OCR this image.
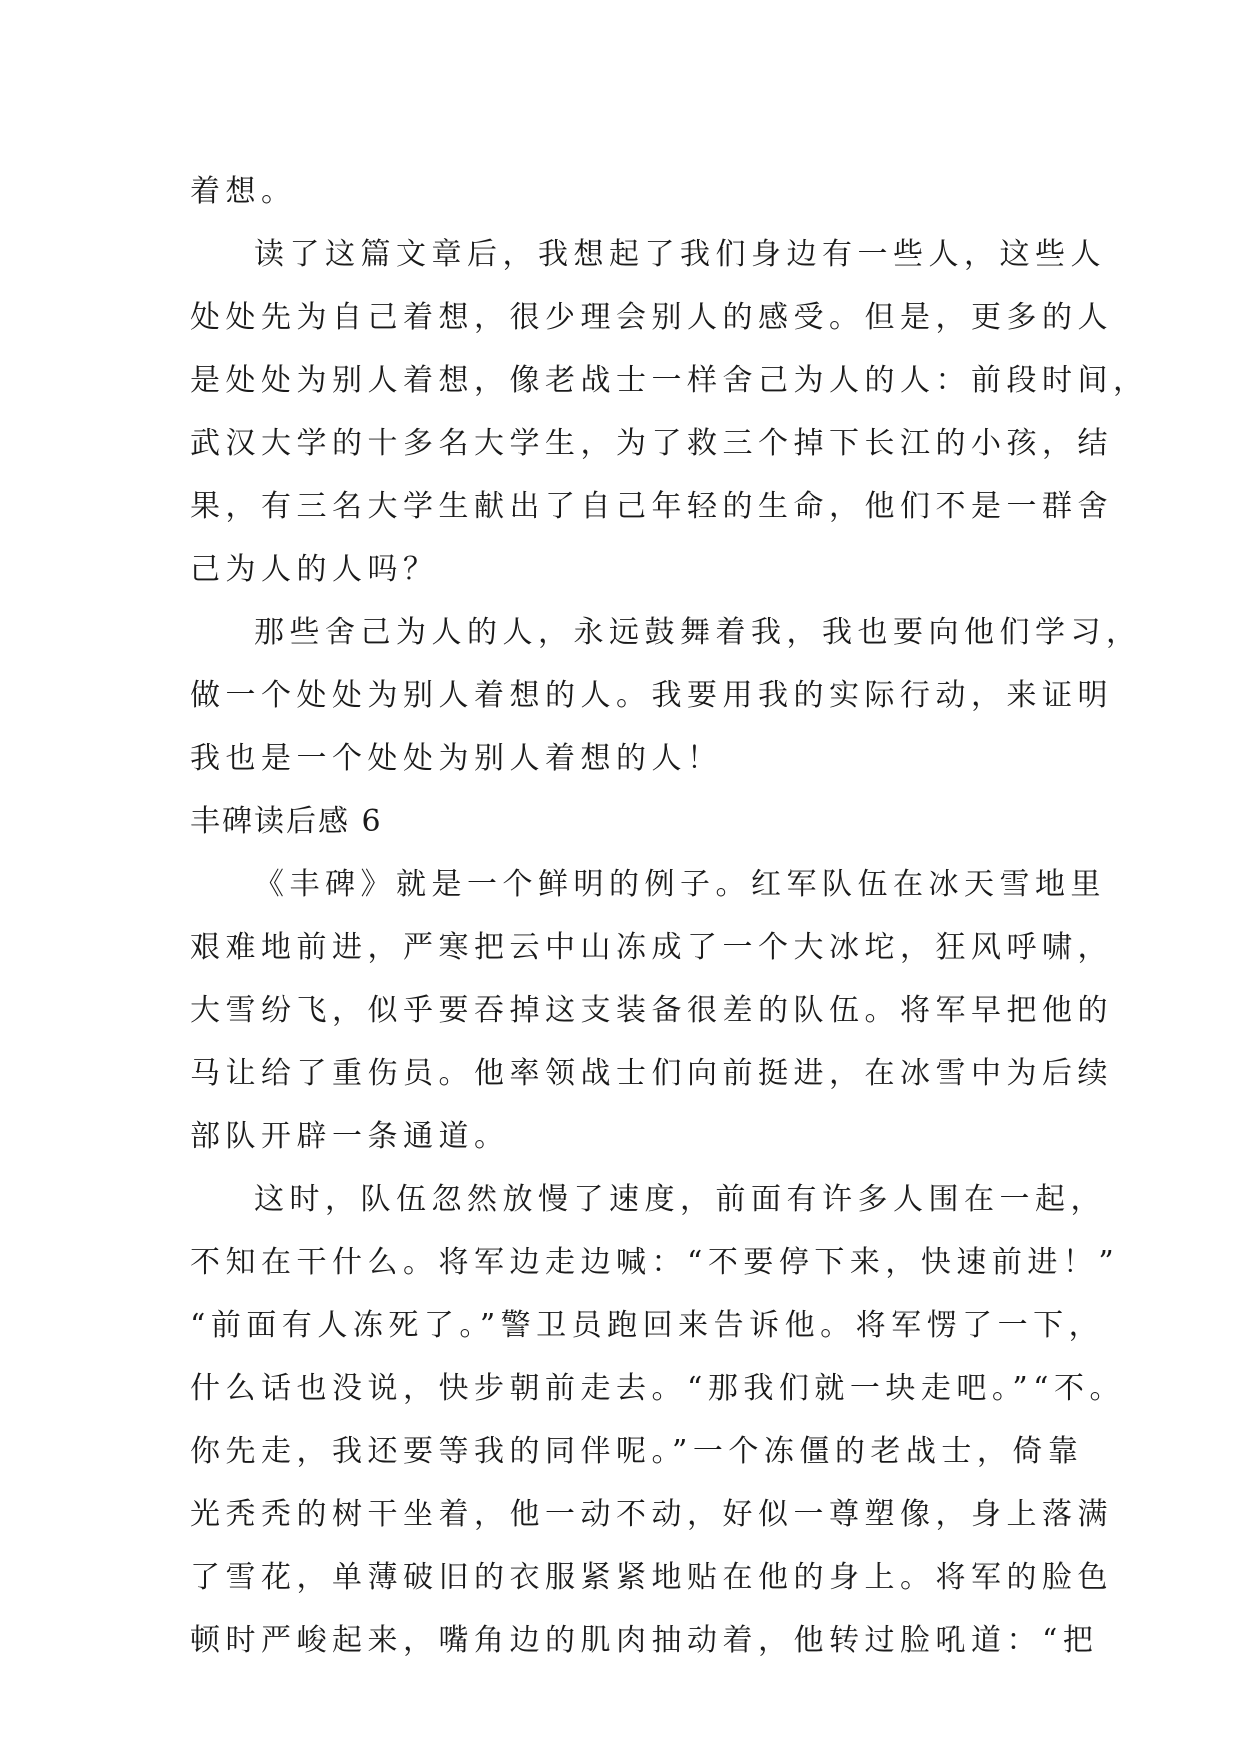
着想。
读了这篇文章后，我想起了我们身边有一些人，这些人
处处先为自己着想，很少理会别人的感受。但是，更多的人
是处处为别人着想，像老战士一样舍己为人的人：前段时间，
武汉大学的十多名大学生，为了救三个掉下长江的小孩，结
果，有三名大学生献出了自己年轻的生命，他们不是一群舍
己为人的人吗？
那些舍己为人的人，永远鼓舞着我，我也要向他们学习，
做一个处处为别人着想的人。我要用我的实际行动，来证明
我也是一个处处为别人着想的人！
丰碑读后感 6
《丰碑》就是一个鲜明的例子。红军队伍在冰天雪地里
艰难地前进，严寒把云中山冻成了一个大冰坨，狂风呼啸，
大雪纷飞，似乎要吞掉这支装备很差的队伍。将军早把他的
马让给了重伤员。他率领战士们向前挺进，在冰雪中为后续
部队开辟一条通道。
这时，队伍忽然放慢了速度，前面有许多人围在一起，
不知在干什么。将军边走边喊：“不要停下来，快速前进！”
“前面有人冻死了。”警卫员跑回来告诉他。将军愣了一下，
什么话也没说，快步朝前走去。“那我们就一块走吧。”“不。
你先走，我还要等我的同伴呢。”一个冻僵的老战士，倚靠
光秃秃的树干坐着，他一动不动，好似一尊塑像，身上落满
了雪花，单薄破旧的衣服紧紧地贴在他的身上。将军的脸色
顿时严峻起来，嘴角边的肌肉抽动着，他转过脸吼道：“把
